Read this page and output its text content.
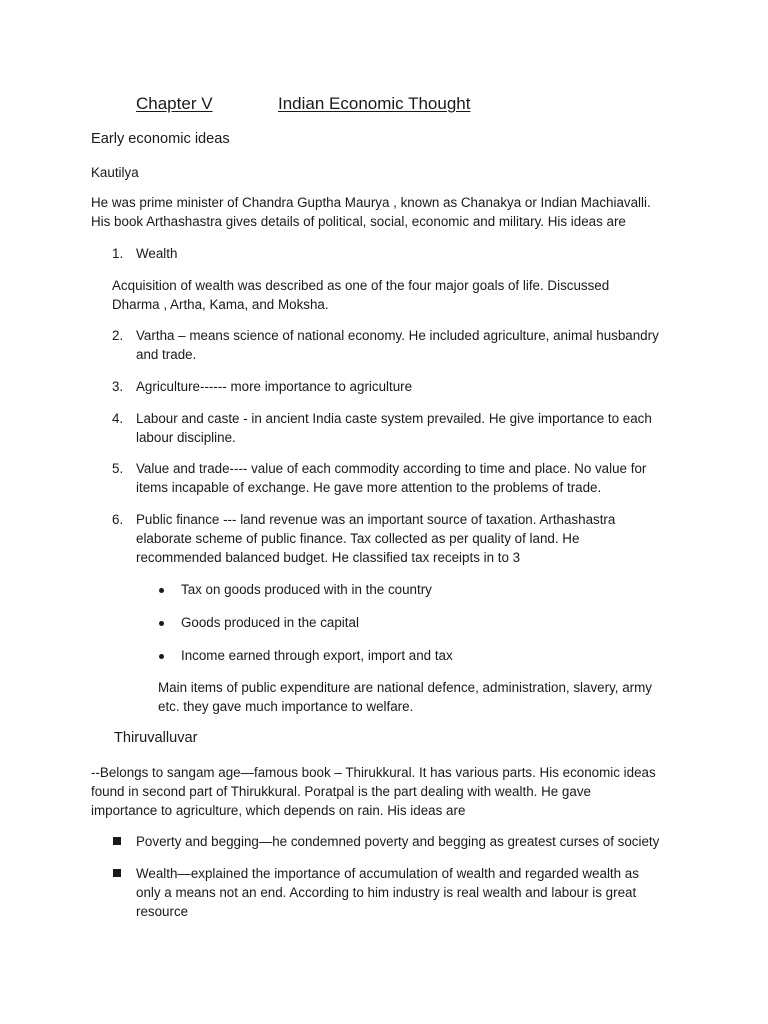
Chapter V
	Indian Economic Thought
Early economic ideas
Kautilya
He was prime minister of Chandra Guptha Maurya , known as Chanakya or Indian Machiavalli.
His book Arthashastra gives details of political, social, economic and military. His ideas are
1. Wealth
Acquisition of wealth was described as one of the four major goals of life. Discussed
Dharma , Artha, Kama, and Moksha.
2. Vartha – means science of national economy. He included agriculture, animal husbandry
and trade.
3. Agriculture------ more importance to agriculture
4. Labour and caste - in ancient India caste system prevailed. He give importance to each
labour discipline.
5. Value and trade---- value of each commodity according to time and place. No value for
items incapable of exchange. He gave more attention to the problems of trade.
6. Public finance --- land revenue was an important source of taxation. Arthashastra
elaborate scheme of public finance. Tax collected as per quality of land. He
recommended balanced budget. He classified tax receipts in to 3
Tax on goods produced with in the country
Goods produced in the capital
Income earned through export, import and tax
Main items of public expenditure are national defence, administration, slavery, army
etc. they gave much importance to welfare.
Thiruvalluvar
--Belongs to sangam age—famous book – Thirukkural. It has various parts. His economic ideas
found in second part of Thirukkural. Poratpal is the part dealing with wealth. He gave
importance to agriculture, which depends on rain. His ideas are
Poverty and begging—he condemned poverty and begging as greatest curses of society
Wealth—explained the importance of accumulation of wealth and regarded wealth as
only a means not an end. According to him industry is real wealth and labour is great
resource
